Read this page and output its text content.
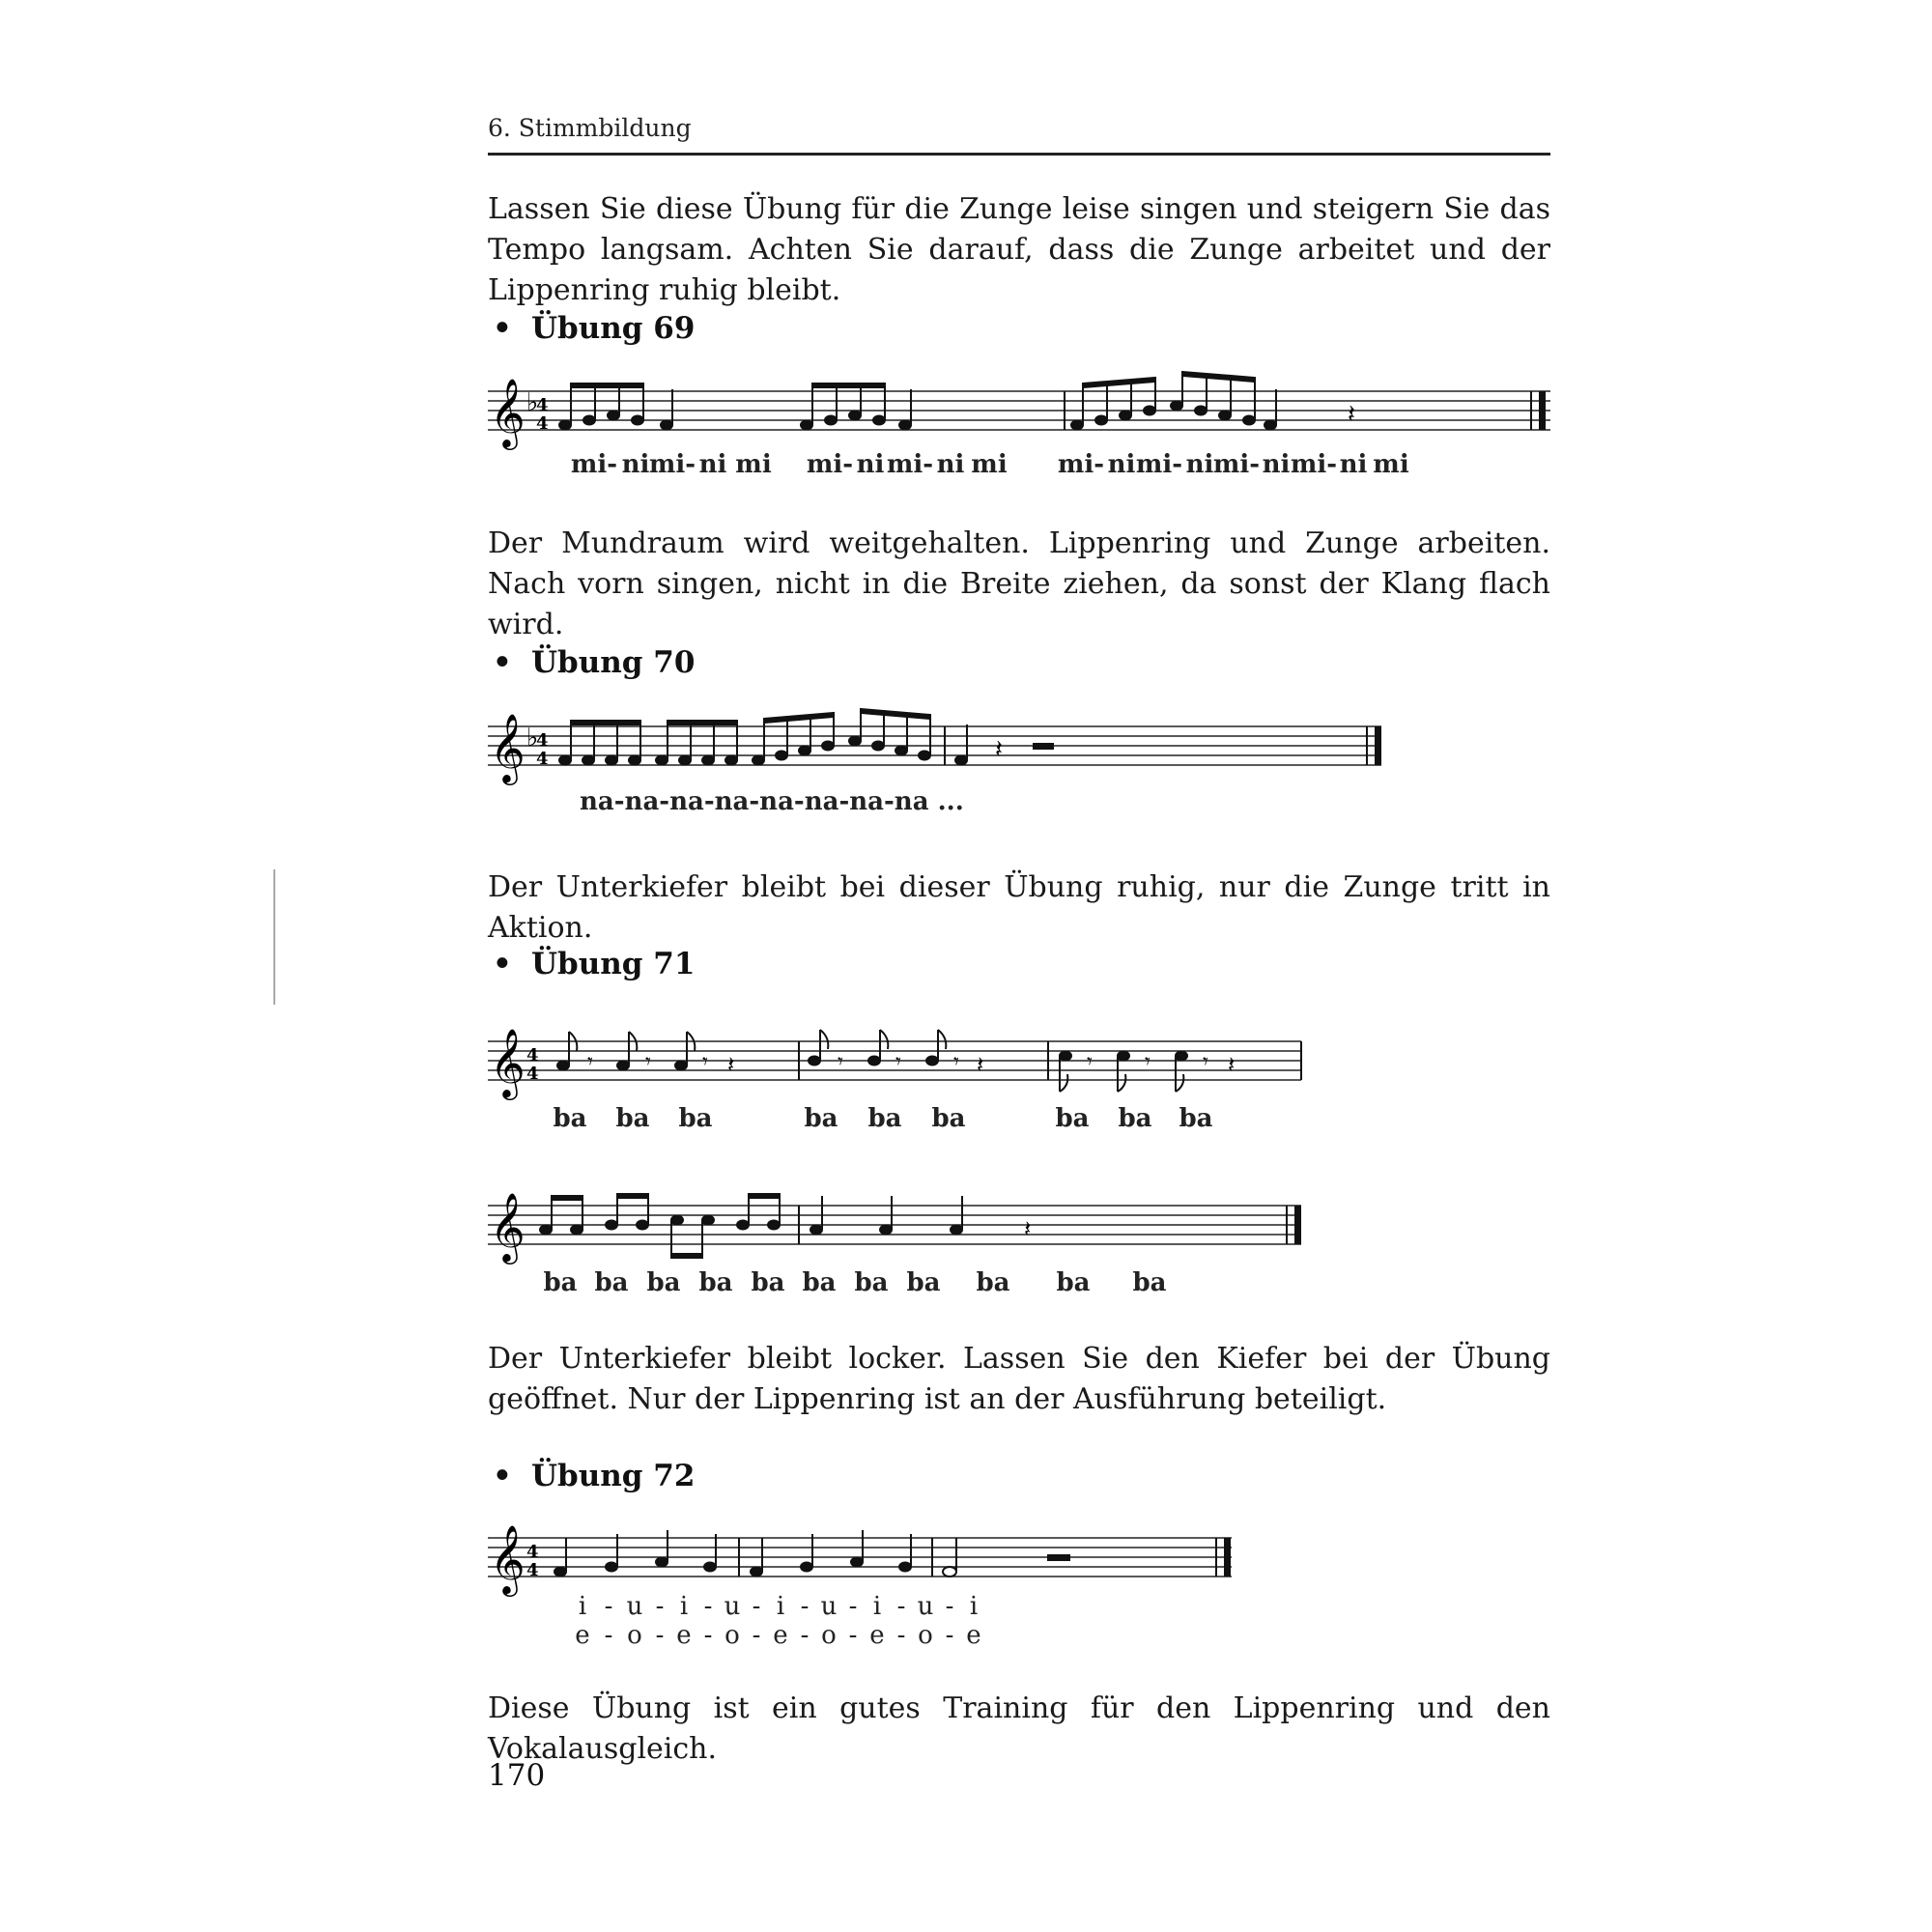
6. Stimmbildung
Lassen Sie diese Übung für die Zunge leise singen und steigern Sie das Tempo langsam. Achten Sie darauf, dass die Zunge arbeitet und der Lippenring ruhig bleibt.
• Übung 69
𝄞 ♭
4
4	𝄽
mi- ni mi- ni mi mi- ni mi- ni mi mi- ni mi- ni mi- ni mi- ni mi
Der Mundraum wird weitgehalten. Lippenring und Zunge arbeiten. Nach vorn singen, nicht in die Breite ziehen, da sonst der Klang flach wird.
• Übung 70
𝄞 ♭
4
4	𝄽
na-na-na-na-na-na-na-na ...
Der Unterkiefer bleibt bei dieser Übung ruhig, nur die Zunge tritt in Aktion.
• Übung 71
𝄞 4
4 𝄾 𝄾 𝄾	𝄾 𝄾 𝄾	𝄾 𝄾 𝄾
𝄽	𝄽	𝄽
ba ba ba	ba ba ba	ba ba ba
𝄞	𝄽
ba ba ba ba ba ba ba ba ba ba ba
Der Unterkiefer bleibt locker. Lassen Sie den Kiefer bei der Übung geöffnet. Nur der Lippenring ist an der Ausführung beteiligt.
• Übung 72
𝄞 4
4
i - u - i - u - i - u - i - u - i
e - o - e - o - e - o - e - o - e
Diese Übung ist ein gutes Training für den Lippenring und den Vokalausgleich.
170
